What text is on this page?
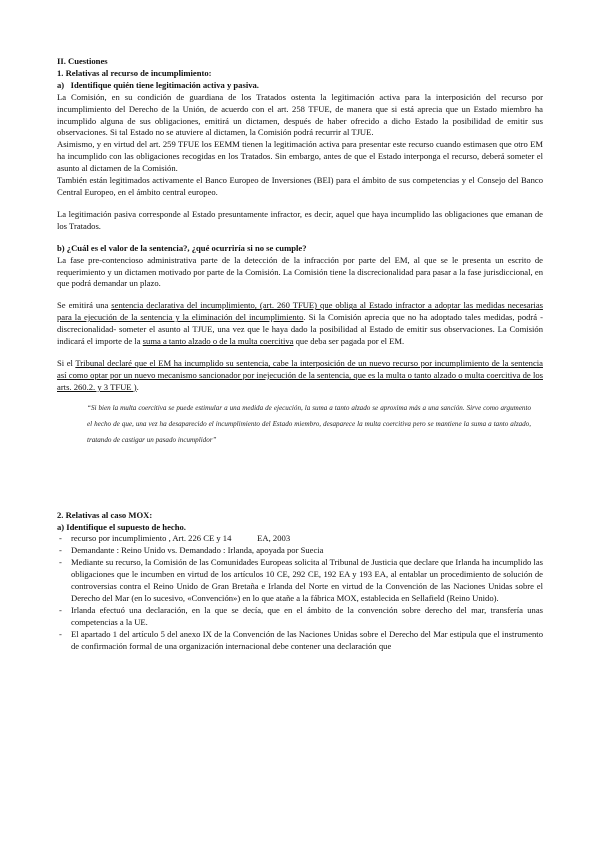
II. Cuestiones

1. Relativas al recurso de incumplimiento:

a)   Identifique quién tiene legitimación activa y pasiva.

La Comisión, en su condición de guardiana de los Tratados ostenta la legitimación activa para la interposición del recurso por incumplimiento del Derecho de la Unión, de acuerdo con el art. 258 TFUE, de manera que si está aprecia que un Estado miembro ha incumplido alguna de sus obligaciones, emitirá un dictamen, después de haber ofrecido a dicho Estado la posibilidad de emitir sus observaciones. Si tal Estado no se atuviere al dictamen, la Comisión podrá recurrir al TJUE.

Asimismo, y en virtud del art. 259 TFUE los EEMM tienen la legitimación activa para presentar este recurso cuando estimasen que otro EM ha incumplido con las obligaciones recogidas en los Tratados. Sin embargo, antes de que el Estado interponga el recurso, deberá someter el asunto al dictamen de la Comisión.

También están legitimados activamente el Banco Europeo de Inversiones (BEI) para el ámbito de sus competencias y el Consejo del Banco Central Europeo, en el ámbito central europeo.

La legitimación pasiva corresponde al Estado presuntamente infractor, es decir, aquel que haya incumplido las obligaciones que emanan de los Tratados.

b) ¿Cuál es el valor de la sentencia?, ¿qué ocurriría si no se cumple?

La fase pre-contencioso administrativa parte de la detección de la infracción por parte del EM, al que se le presenta un escrito de requerimiento y un dictamen motivado por parte de la Comisión. La Comisión tiene la discrecionalidad para pasar a la fase jurisdiccional, en que podrá demandar un plazo.

Se emitirá una sentencia declarativa del incumplimiento, (art. 260 TFUE) que obliga al Estado infractor a adoptar las medidas necesarias para la ejecución de la sentencia y la eliminación del incumplimiento. Si la Comisión aprecia que no ha adoptado tales medidas, podrá - discrecionalidad- someter el asunto al TJUE, una vez que le haya dado la posibilidad al Estado de emitir sus observaciones. La Comisión indicará el importe de la suma a tanto alzado o de la multa coercitiva que deba ser pagada por el EM.

Si el Tribunal declaré que el EM ha incumplido su sentencia, cabe la interposición de un nuevo recurso por incumplimiento de la sentencia así como optar por un nuevo mecanismo sancionador por inejecución de la sentencia, que es la multa o tanto alzado o multa coercitiva de los arts. 260.2. y 3 TFUE ).

“Si bien la multa coercitiva se puede estimular a una medida de ejecución, la suma a tanto alzado se aproxima más a una sanción. Sirve como argumento el hecho de que, una vez ha desaparecido el incumplimiento del Estado miembro, desaparece la multa coercitiva pero se mantiene la suma a tanto alzado, tratando de castigar un pasado incumplidor”

2. Relativas al caso MOX:

a) Identifique el supuesto de hecho.

- recurso por incumplimiento , Art. 226 CE y 14            EA, 2003
- Demandante : Reino Unido vs. Demandado : Irlanda, apoyada por Suecia
- Mediante su recurso, la Comisión de las Comunidades Europeas solicita al Tribunal de Justicia que declare que Irlanda ha incumplido las obligaciones que le incumben en virtud de los artículos 10 CE, 292 CE, 192 EA y 193 EA, al entablar un procedimiento de solución de controversias contra el Reino Unido de Gran Bretaña e Irlanda del Norte en virtud de la Convención de las Naciones Unidas sobre el Derecho del Mar (en lo sucesivo, «Convención») en lo que atañe a la fábrica MOX, establecida en Sellafield (Reino Unido).
- Irlanda efectuó una declaración, en la que se decía, que en el ámbito de la convención sobre derecho del mar, transfería unas competencias a la UE.
- El apartado 1 del artículo 5 del anexo IX de la Convención de las Naciones Unidas sobre el Derecho del Mar estipula que el instrumento de confirmación formal de una organización internacional debe contener una declaración que
